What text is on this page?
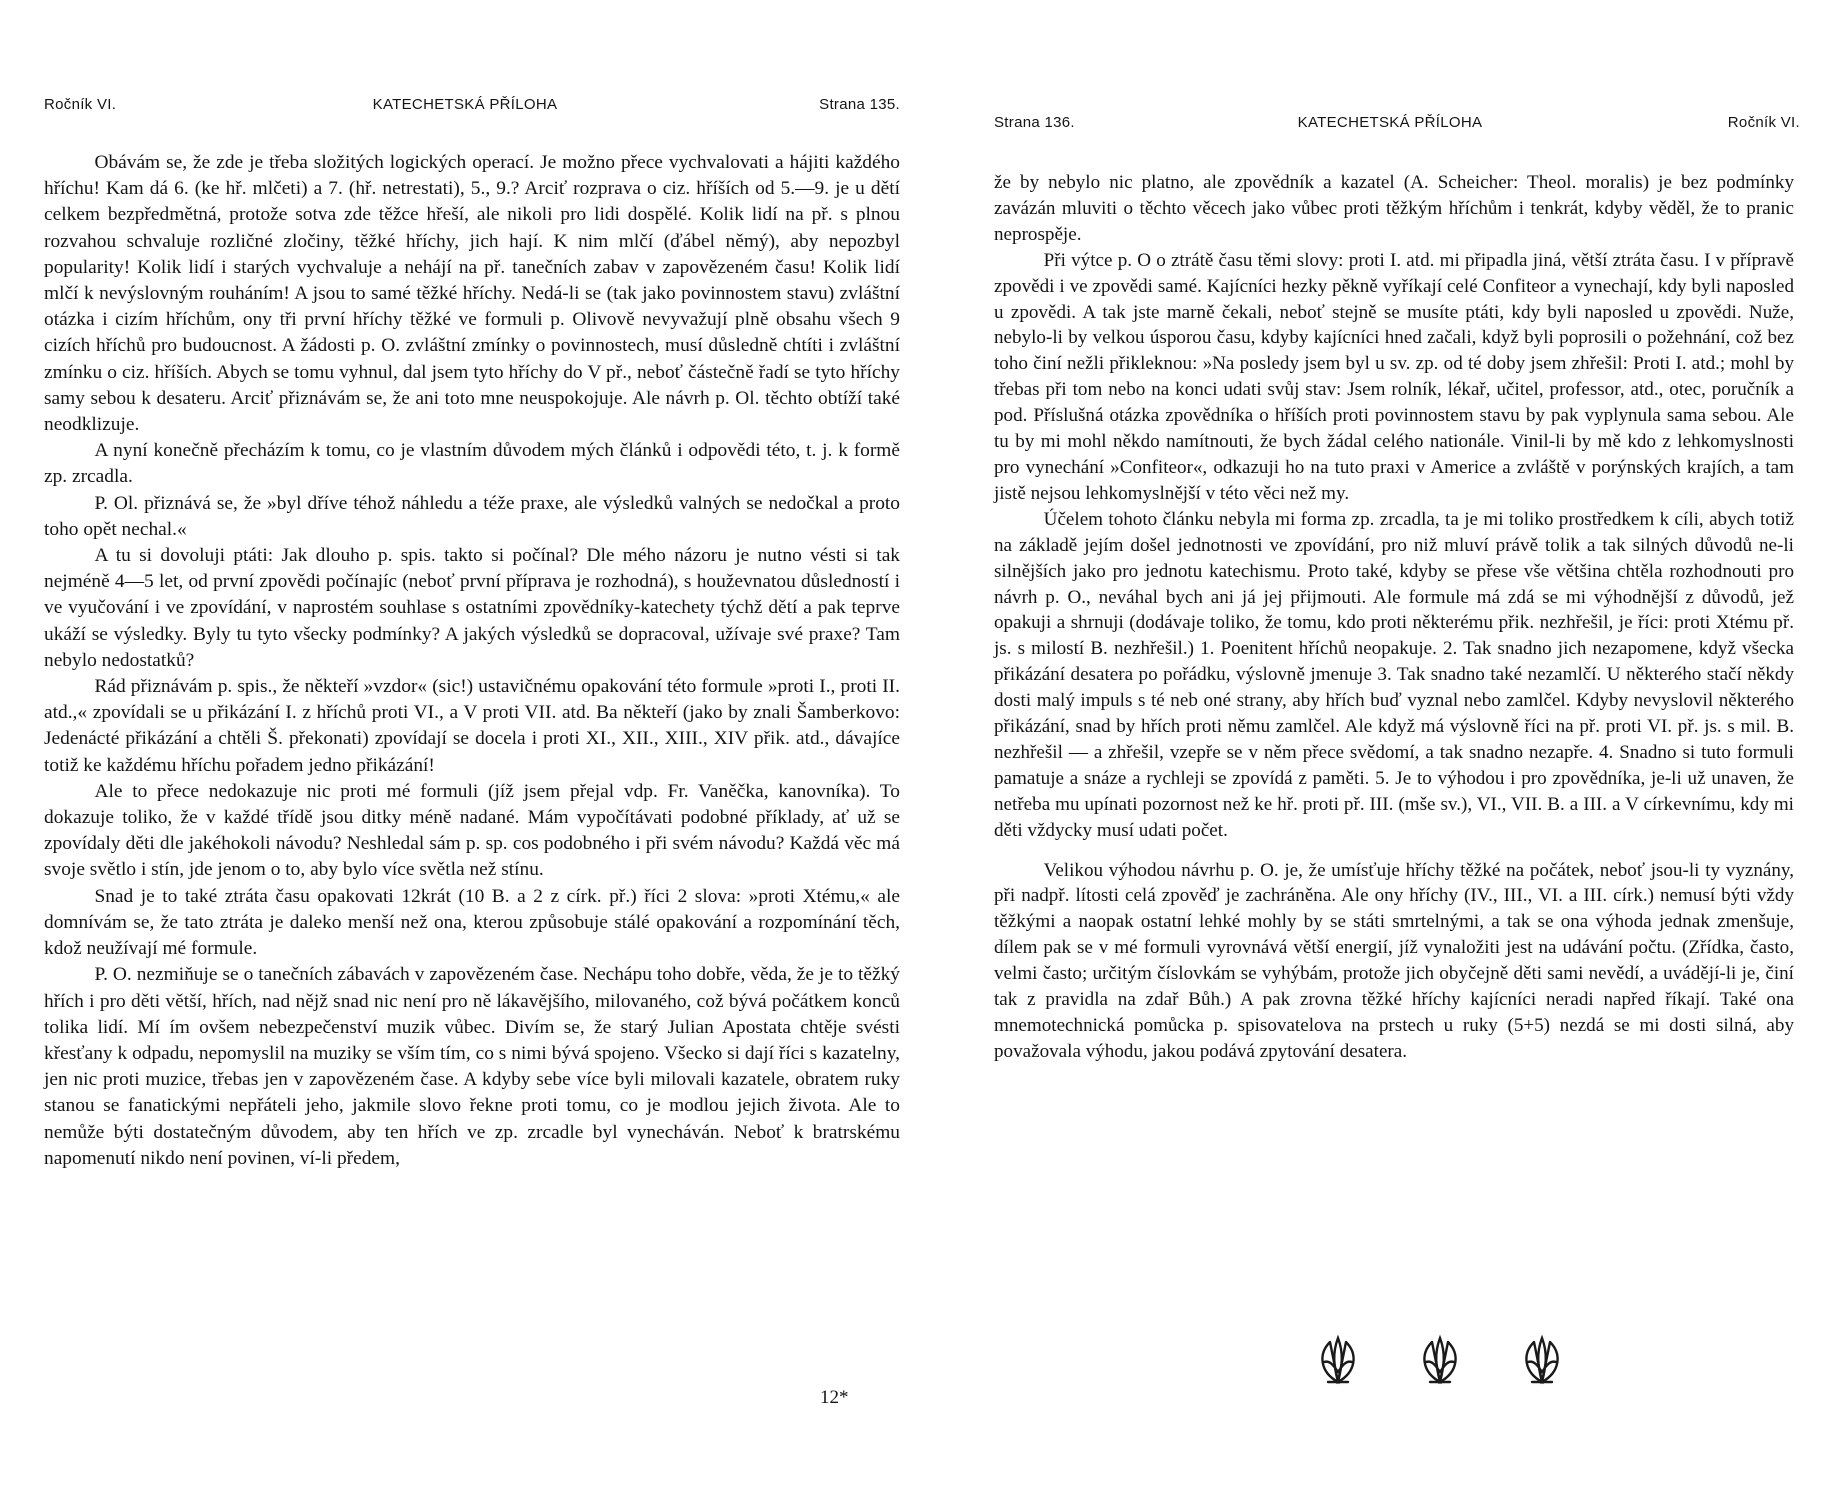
Ročník VI.	KATECHETSKÁ PŘÍLOHA	Strana 135.

Obávám se, že zde je třeba složitých logických operací. Je možno přece vychvalovati a hájiti každého hříchu! Kam dá 6. (ke hř. mlčeti) a 7. (hř. netrestati), 5., 9.? Arciť rozprava o ciz. hříších od 5.—9. je u dětí celkem bezpředmětná, protože sotva zde těžce hřeší, ale nikoli pro lidi dospělé. Kolik lidí na př. s plnou rozvahou schvaluje rozličné zločiny, těžké hříchy, jich hají. K nim mlčí (ďábel němý), aby nepozbyl popularity! Kolik lidí i starých vychvaluje a nehájí na př. tanečních zabav v zapovězeném času! Kolik lidí mlčí k nevýslovným rouháním! A jsou to samé těžké hříchy. Nedá-li se (tak jako povinnostem stavu) zvláštní otázka i cizím hříchům, ony tři první hříchy těžké ve formuli p. Olivově nevyvažují plně obsahu všech 9 cizích hříchů pro budoucnost. A žádosti p. O. zvláštní zmínky o povinnostech, musí důsledně chtíti i zvláštní zmínku o ciz. hříších. Abych se tomu vyhnul, dal jsem tyto hříchy do V př., neboť částečně řadí se tyto hříchy samy sebou k desateru. Arciť přiznávám se, že ani toto mne neuspokojuje. Ale návrh p. Ol. těchto obtíží také neodklizuje.

A nyní konečně přecházím k tomu, co je vlastním důvodem mých článků i odpovědi této, t. j. k formě zp. zrcadla.

P. Ol. přiznává se, že »byl dříve téhož náhledu a téže praxe, ale výsledků valných se nedočkal a proto toho opět nechal.«

A tu si dovoluji ptáti: Jak dlouho p. spis. takto si počínal? Dle mého názoru je nutno vésti si tak nejméně 4—5 let, od první zpovědi počínajíc (neboť první příprava je rozhodná), s houževnatou důsledností i ve vyučování i ve zpovídání, v naprostém souhlase s ostatními zpovědníky-katechety týchž dětí a pak teprve ukáží se výsledky. Byly tu tyto všecky podmínky? A jakých výsledků se dopracoval, užívaje své praxe? Tam nebylo nedostatků?

Rád přiznávám p. spis., že někteří »vzdor« (sic!) ustavičnému opakování této formule »proti I., proti II. atd.,« zpovídali se u přikázání I. z hříchů proti VI., a V proti VII. atd. Ba někteří (jako by znali Šamberkovo: Jedenácté přikázání a chtěli Š. překonati) zpovídají se docela i proti XI., XII., XIII., XIV přik. atd., dávajíce totiž ke každému hříchu pořadem jedno přikázání!

Ale to přece nedokazuje nic proti mé formuli (jíž jsem přejal vdp. Fr. Vaněčka, kanovníka). To dokazuje toliko, že v každé třídě jsou ditky méně nadané. Mám vypočítávati podobné příklady, ať už se zpovídaly děti dle jakéhokoli návodu? Neshledal sám p. sp. cos podobného i při svém návodu? Každá věc má svoje světlo i stín, jde jenom o to, aby bylo více světla než stínu.

Snad je to také ztráta času opakovati 12krát (10 B. a 2 z círk. př.) říci 2 slova: »proti Xtému,« ale domnívám se, že tato ztráta je daleko menší než ona, kterou způsobuje stálé opakování a rozpomínání těch, kdož neužívají mé formule.

P. O. nezmiňuje se o tanečních zábavách v zapovězeném čase. Nechápu toho dobře, věda, že je to těžký hřích i pro děti větší, hřích, nad nějž snad nic není pro ně lákavějšího, milovaného, což bývá počátkem konců tolika lidí. Mí ím ovšem nebezpečenství muzik vůbec. Divím se, že starý Julian Apostata chtěje svésti křesťany k odpadu, nepomyslil na muziky se vším tím, co s nimi bývá spojeno. Všecko si dají říci s kazatelny, jen nic proti muzice, třebas jen v zapovězeném čase. A kdyby sebe více byli milovali kazatele, obratem ruky stanou se fanatickými nepřáteli jeho, jakmile slovo řekne proti tomu, co je modlou jejich života. Ale to nemůže býti dostatečným důvodem, aby ten hřích ve zp. zrcadle byl vynecháván. Neboť k bratrskému napomenutí nikdo není povinen, ví-li předem,

12*
Strana 136.	KATECHETSKÁ PŘÍLOHA	Ročník VI.

že by nebylo nic platno, ale zpovědník a kazatel (A. Scheicher: Theol. moralis) je bez podmínky zavázán mluviti o těchto věcech jako vůbec proti těžkým hříchům i tenkrát, kdyby věděl, že to pranic neprospěje.

Při výtce p. O o ztrátě času těmi slovy: proti I. atd. mi připadla jiná, větší ztráta času. I v přípravě zpovědi i ve zpovědi samé. Kajícníci hezky pěkně vyříkají celé Confiteor a vynechají, kdy byli naposled u zpovědi. A tak jste marně čekali, neboť stejně se musíte ptáti, kdy byli naposled u zpovědi. Nuže, nebylo-li by velkou úsporou času, kdyby kajícníci hned začali, když byli poprosili o požehnání, což bez toho činí nežli přikleknou: »Na posledy jsem byl u sv. zp. od té doby jsem zhřešil: Proti I. atd.; mohl by třebas při tom nebo na konci udati svůj stav: Jsem rolník, lékař, učitel, professor, atd., otec, poručník a pod. Příslušná otázka zpovědníka o hříších proti povinnostem stavu by pak vyplynula sama sebou. Ale tu by mi mohl někdo namítnouti, že bych žádal celého nationále. Vinil-li by mě kdo z lehkomyslnosti pro vynechání »Confiteor«, odkazuji ho na tuto praxi v Americe a zvláště v porýnských krajích, a tam jistě nejsou lehkomyslnější v této věci než my.

Účelem tohoto článku nebyla mi forma zp. zrcadla, ta je mi toliko prostředkem k cíli, abych totiž na základě jejím došel jednotnosti ve zpovídání, pro niž mluví právě tolik a tak silných důvodů ne-li silnějších jako pro jednotu katechismu. Proto také, kdyby se přese vše většina chtěla rozhodnouti pro návrh p. O., neváhal bych ani já jej přijmouti. Ale formule má zdá se mi výhodnější z důvodů, jež opakuji a shrnuji (dodávaje toliko, že tomu, kdo proti některému přik. nezhřešil, je říci: proti Xtému př. js. s milostí B. nezhřešil.) 1. Poenitent hříchů neopakuje. 2. Tak snadno jich nezapomene, když všecka přikázání desatera po pořádku, výslovně jmenuje 3. Tak snadno také nezamlčí. U některého stačí někdy dosti malý impuls s té neb oné strany, aby hřích buď vyznal nebo zamlčel. Kdyby nevyslovil některého přikázání, snad by hřích proti němu zamlčel. Ale když má výslovně říci na př. proti VI. př. js. s mil. B. nezhřešil — a zhřešil, vzepře se v něm přece svědomí, a tak snadno nezapře. 4. Snadno si tuto formuli pamatuje a snáze a rychleji se zpovídá z paměti. 5. Je to výhodou i pro zpovědníka, je-li už unaven, že netřeba mu upínati pozornost než ke hř. proti př. III. (mše sv.), VI., VII. B. a III. a V církevnímu, kdy mi děti vždycky musí udati počet.

Velikou výhodou návrhu p. O. je, že umísťuje hříchy těžké na počátek, neboť jsou-li ty vyznány, při nadpř. lítosti celá zpověď je zachráněna. Ale ony hříchy (IV., III., VI. a III. círk.) nemusí býti vždy těžkými a naopak ostatní lehké mohly by se státi smrtelnými, a tak se ona výhoda jednak zmenšuje, dílem pak se v mé formuli vyrovnává větší energií, jíž vynaložiti jest na udávání počtu. (Zřídka, často, velmi často; určitým číslovkám se vyhýbám, protože jich obyčejně děti sami nevědí, a uvádějí-li je, činí tak z pravidla na zdař Bůh.) A pak zrovna těžké hříchy kajícníci neradi napřed říkají. Také ona mnemotechnická pomůcka p. spisovatelova na prstech u ruky (5+5) nezdá se mi dosti silná, aby považovala výhodu, jakou podává zpytování desatera.
